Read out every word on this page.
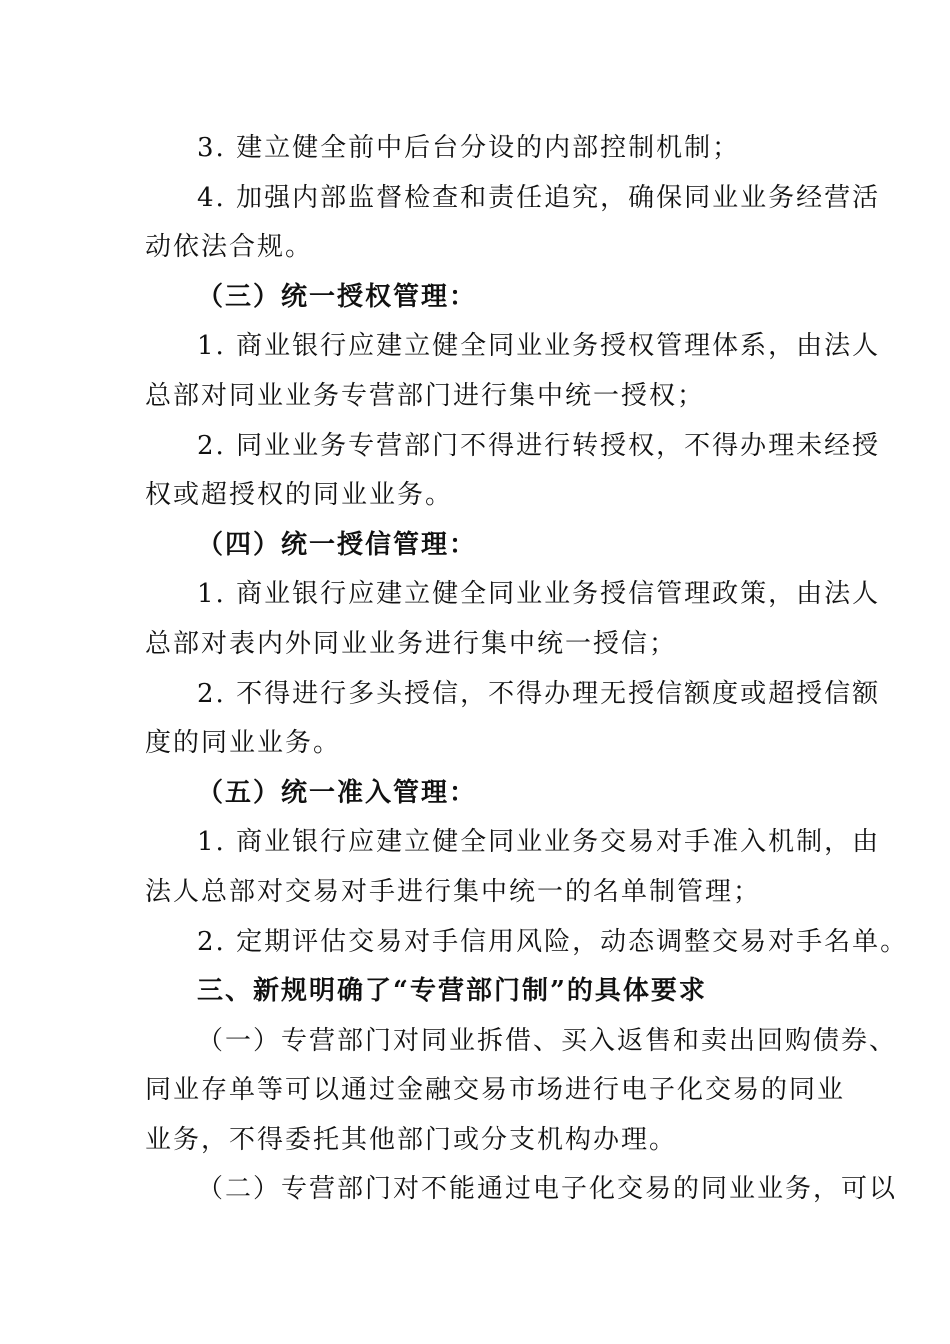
3. 建立健全前中后台分设的内部控制机制；
4. 加强内部监督检查和责任追究，确保同业业务经营活
动依法合规。
（三）统一授权管理：
1. 商业银行应建立健全同业业务授权管理体系，由法人
总部对同业业务专营部门进行集中统一授权；
2. 同业业务专营部门不得进行转授权，不得办理未经授
权或超授权的同业业务。
（四）统一授信管理：
1. 商业银行应建立健全同业业务授信管理政策，由法人
总部对表内外同业业务进行集中统一授信；
2. 不得进行多头授信，不得办理无授信额度或超授信额
度的同业业务。
（五）统一准入管理：
1. 商业银行应建立健全同业业务交易对手准入机制，由
法人总部对交易对手进行集中统一的名单制管理；
2. 定期评估交易对手信用风险，动态调整交易对手名单。
三、新规明确了“专营部门制”的具体要求
（一）专营部门对同业拆借、买入返售和卖出回购债券、
同业存单等可以通过金融交易市场进行电子化交易的同业
业务，不得委托其他部门或分支机构办理。
（二）专营部门对不能通过电子化交易的同业业务，可以
